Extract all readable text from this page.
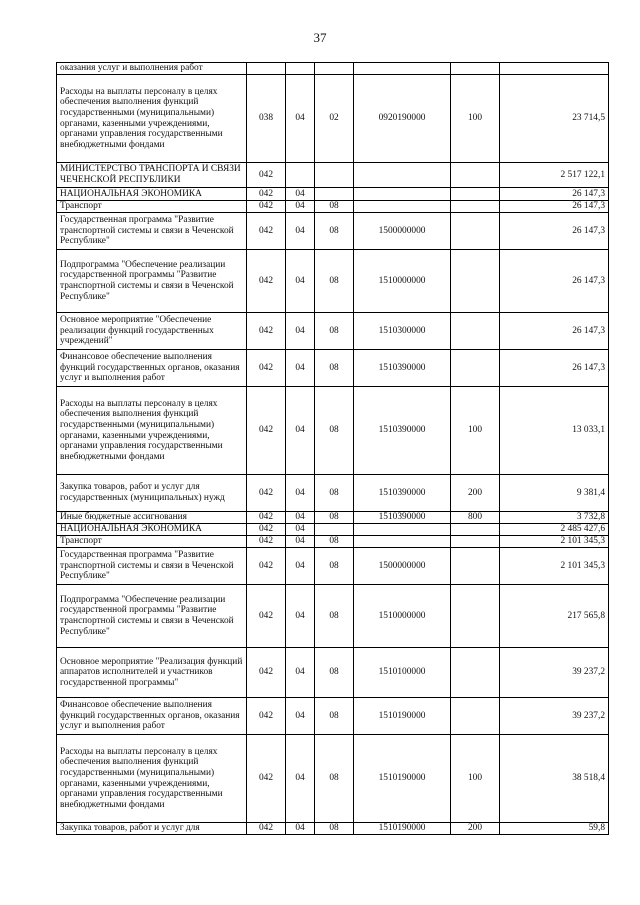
37
оказания услуг и выполнения работ						
Расходы на выплаты персоналу в целях обеспечения выполнения функций государственными (муниципальными) органами, казенными учреждениями, органами управления государственными внебюджетными фондами	038	04	02	0920190000	100	23 714,5
МИНИСТЕРСТВО ТРАНСПОРТА И СВЯЗИ ЧЕЧЕНСКОЙ РЕСПУБЛИКИ	042					2 517 122,1
НАЦИОНАЛЬНАЯ ЭКОНОМИКА	042	04				26 147,3
Транспорт	042	04	08			26 147,3
Государственная программа "Развитие транспортной системы и связи в Чеченской Республике"	042	04	08	1500000000		26 147,3
Подпрограмма "Обеспечение реализации государственной программы "Развитие транспортной системы и связи в Чеченской Республике"	042	04	08	1510000000		26 147,3
Основное мероприятие "Обеспечение реализации функций государственных учреждений"	042	04	08	1510300000		26 147,3
Финансовое обеспечение выполнения функций государственных органов, оказания услуг и выполнения работ	042	04	08	1510390000		26 147,3
Расходы на выплаты персоналу в целях обеспечения выполнения функций государственными (муниципальными) органами, казенными учреждениями, органами управления государственными внебюджетными фондами	042	04	08	1510390000	100	13 033,1
Закупка товаров, работ и услуг для государственных (муниципальных) нужд	042	04	08	1510390000	200	9 381,4
Иные бюджетные ассигнования	042	04	08	1510390000	800	3 732,8
НАЦИОНАЛЬНАЯ ЭКОНОМИКА	042	04				2 485 427,6
Транспорт	042	04	08			2 101 345,3
Государственная программа "Развитие транспортной системы и связи в Чеченской Республике"	042	04	08	1500000000		2 101 345,3
Подпрограмма "Обеспечение реализации государственной программы "Развитие транспортной системы и связи в Чеченской Республике"	042	04	08	1510000000		217 565,8
Основное мероприятие "Реализация функций аппаратов исполнителей и участников государственной программы"	042	04	08	1510100000		39 237,2
Финансовое обеспечение выполнения функций государственных органов, оказания услуг и выполнения работ	042	04	08	1510190000		39 237,2
Расходы на выплаты персоналу в целях обеспечения выполнения функций государственными (муниципальными) органами, казенными учреждениями, органами управления государственными внебюджетными фондами	042	04	08	1510190000	100	38 518,4
Закупка товаров, работ и услуг для	042	04	08	1510190000	200	59,8
